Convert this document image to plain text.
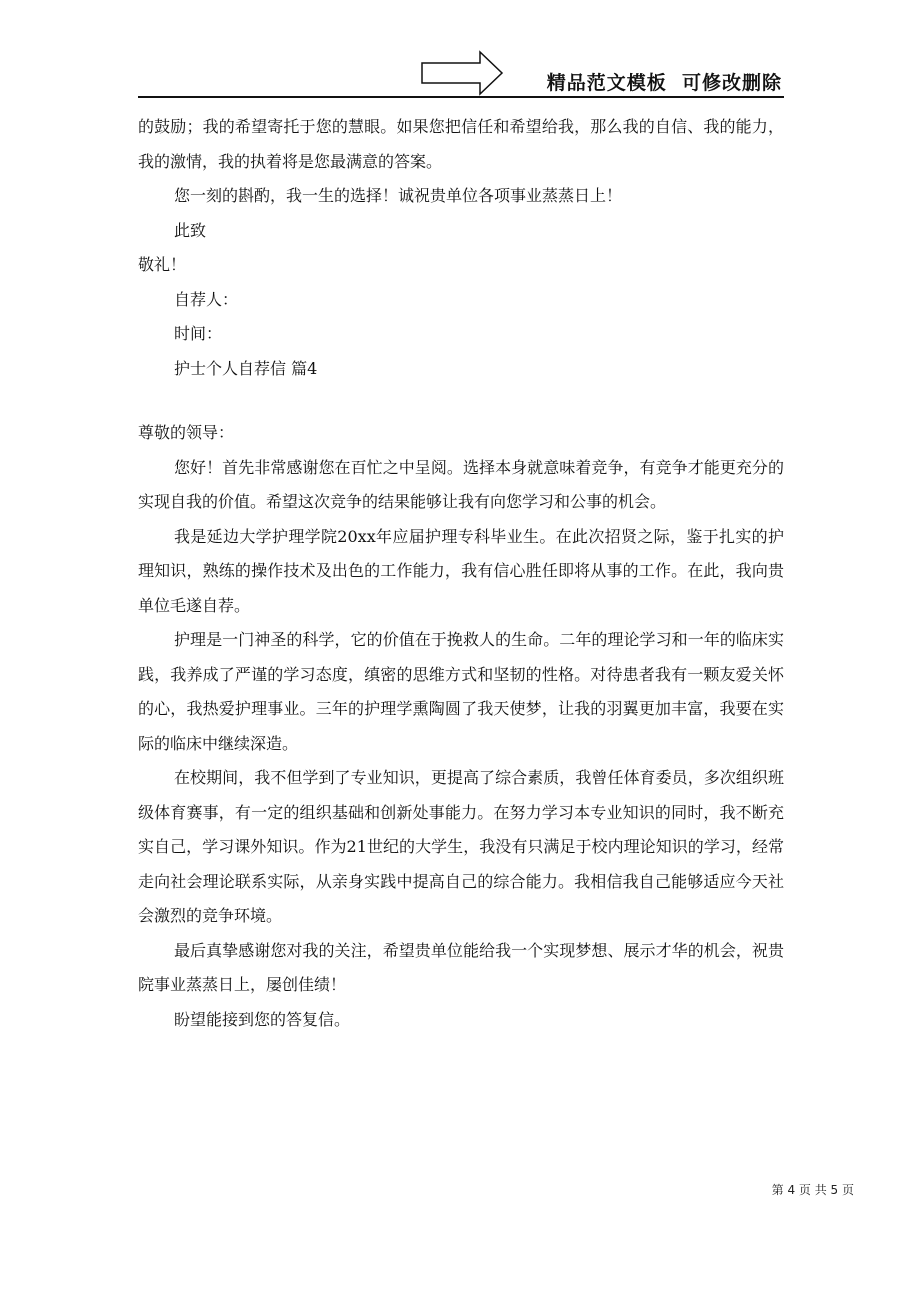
精品范文模板  可修改删除

的鼓励；我的希望寄托于您的慧眼。如果您把信任和希望给我，那么我的自信、我的能力，我的激情，我的执着将是您最满意的答案。

您一刻的斟酌，我一生的选择！诚祝贵单位各项事业蒸蒸日上！

此致

敬礼！

自荐人：

时间：

护士个人自荐信 篇4

尊敬的领导：

您好！首先非常感谢您在百忙之中呈阅。选择本身就意味着竞争，有竞争才能更充分的实现自我的价值。希望这次竞争的结果能够让我有向您学习和公事的机会。

我是延边大学护理学院20xx年应届护理专科毕业生。在此次招贤之际，鉴于扎实的护理知识，熟练的操作技术及出色的工作能力，我有信心胜任即将从事的工作。在此，我向贵单位毛遂自荐。

护理是一门神圣的科学，它的价值在于挽救人的生命。二年的理论学习和一年的临床实践，我养成了严谨的学习态度，缜密的思维方式和坚韧的性格。对待患者我有一颗友爱关怀的心，我热爱护理事业。三年的护理学熏陶圆了我天使梦，让我的羽翼更加丰富，我要在实际的临床中继续深造。

在校期间，我不但学到了专业知识，更提高了综合素质，我曾任体育委员，多次组织班级体育赛事，有一定的组织基础和创新处事能力。在努力学习本专业知识的同时，我不断充实自己，学习课外知识。作为21世纪的大学生，我没有只满足于校内理论知识的学习，经常走向社会理论联系实际，从亲身实践中提高自己的综合能力。我相信我自己能够适应今天社会激烈的竞争环境。

最后真挚感谢您对我的关注，希望贵单位能给我一个实现梦想、展示才华的机会，祝贵院事业蒸蒸日上，屡创佳绩！

盼望能接到您的答复信。

第 4 页 共 5 页
